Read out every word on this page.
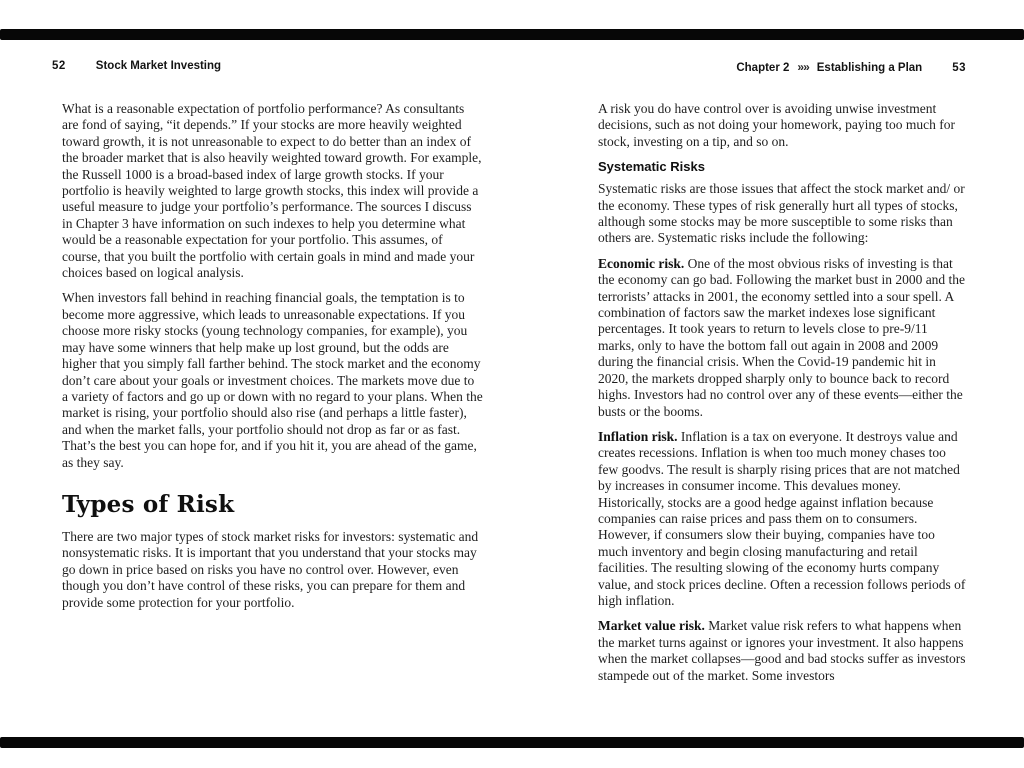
52	Stock Market Investing	Chapter 2 »» Establishing a Plan	53

What is a reasonable expectation of portfolio performance? As consultants are fond of saying, “it depends.” If your stocks are more heavily weighted toward growth, it is not unreasonable to expect to do better than an index of the broader market that is also heavily weighted toward growth. For example, the Russell 1000 is a broad-based index of large growth stocks. If your portfolio is heavily weighted to large growth stocks, this index will provide a useful measure to judge your portfolio’s performance. The sources I discuss in Chapter 3 have information on such indexes to help you determine what would be a reasonable expectation for your portfolio. This assumes, of course, that you built the portfolio with certain goals in mind and made your choices based on logical analysis.

When investors fall behind in reaching financial goals, the temptation is to become more aggressive, which leads to unreasonable expectations. If you choose more risky stocks (young technology companies, for example), you may have some winners that help make up lost ground, but the odds are higher that you simply fall farther behind. The stock market and the economy don’t care about your goals or investment choices. The markets move due to a variety of factors and go up or down with no regard to your plans. When the market is rising, your portfolio should also rise (and perhaps a little faster), and when the market falls, your portfolio should not drop as far or as fast. That’s the best you can hope for, and if you hit it, you are ahead of the game, as they say.

Types of Risk

There are two major types of stock market risks for investors: systematic and nonsystematic risks. It is important that you understand that your stocks may go down in price based on risks you have no control over. However, even though you don’t have control of these risks, you can prepare for them and provide some protection for your portfolio.

A risk you do have control over is avoiding unwise investment decisions, such as not doing your homework, paying too much for stock, investing on a tip, and so on.

Systematic Risks

Systematic risks are those issues that affect the stock market and/ or the economy. These types of risk generally hurt all types of stocks, although some stocks may be more susceptible to some risks than others are. Systematic risks include the following:

Economic risk. One of the most obvious risks of investing is that the economy can go bad. Following the market bust in 2000 and the terrorists’ attacks in 2001, the economy settled into a sour spell. A combination of factors saw the market indexes lose significant percentages. It took years to return to levels close to pre-9/11 marks, only to have the bottom fall out again in 2008 and 2009 during the financial crisis. When the Covid-19 pandemic hit in 2020, the markets dropped sharply only to bounce back to record highs. Investors had no control over any of these events—either the busts or the booms.

Inflation risk. Inflation is a tax on everyone. It destroys value and creates recessions. Inflation is when too much money chases too few goodvs. The result is sharply rising prices that are not matched by increases in consumer income. This devalues money. Historically, stocks are a good hedge against inflation because companies can raise prices and pass them on to consumers. However, if consumers slow their buying, companies have too much inventory and begin closing manufacturing and retail facilities. The resulting slowing of the economy hurts company value, and stock prices decline. Often a recession follows periods of high inflation.

Market value risk. Market value risk refers to what happens when the market turns against or ignores your investment. It also happens when the market collapses—good and bad stocks suffer as investors stampede out of the market. Some investors
